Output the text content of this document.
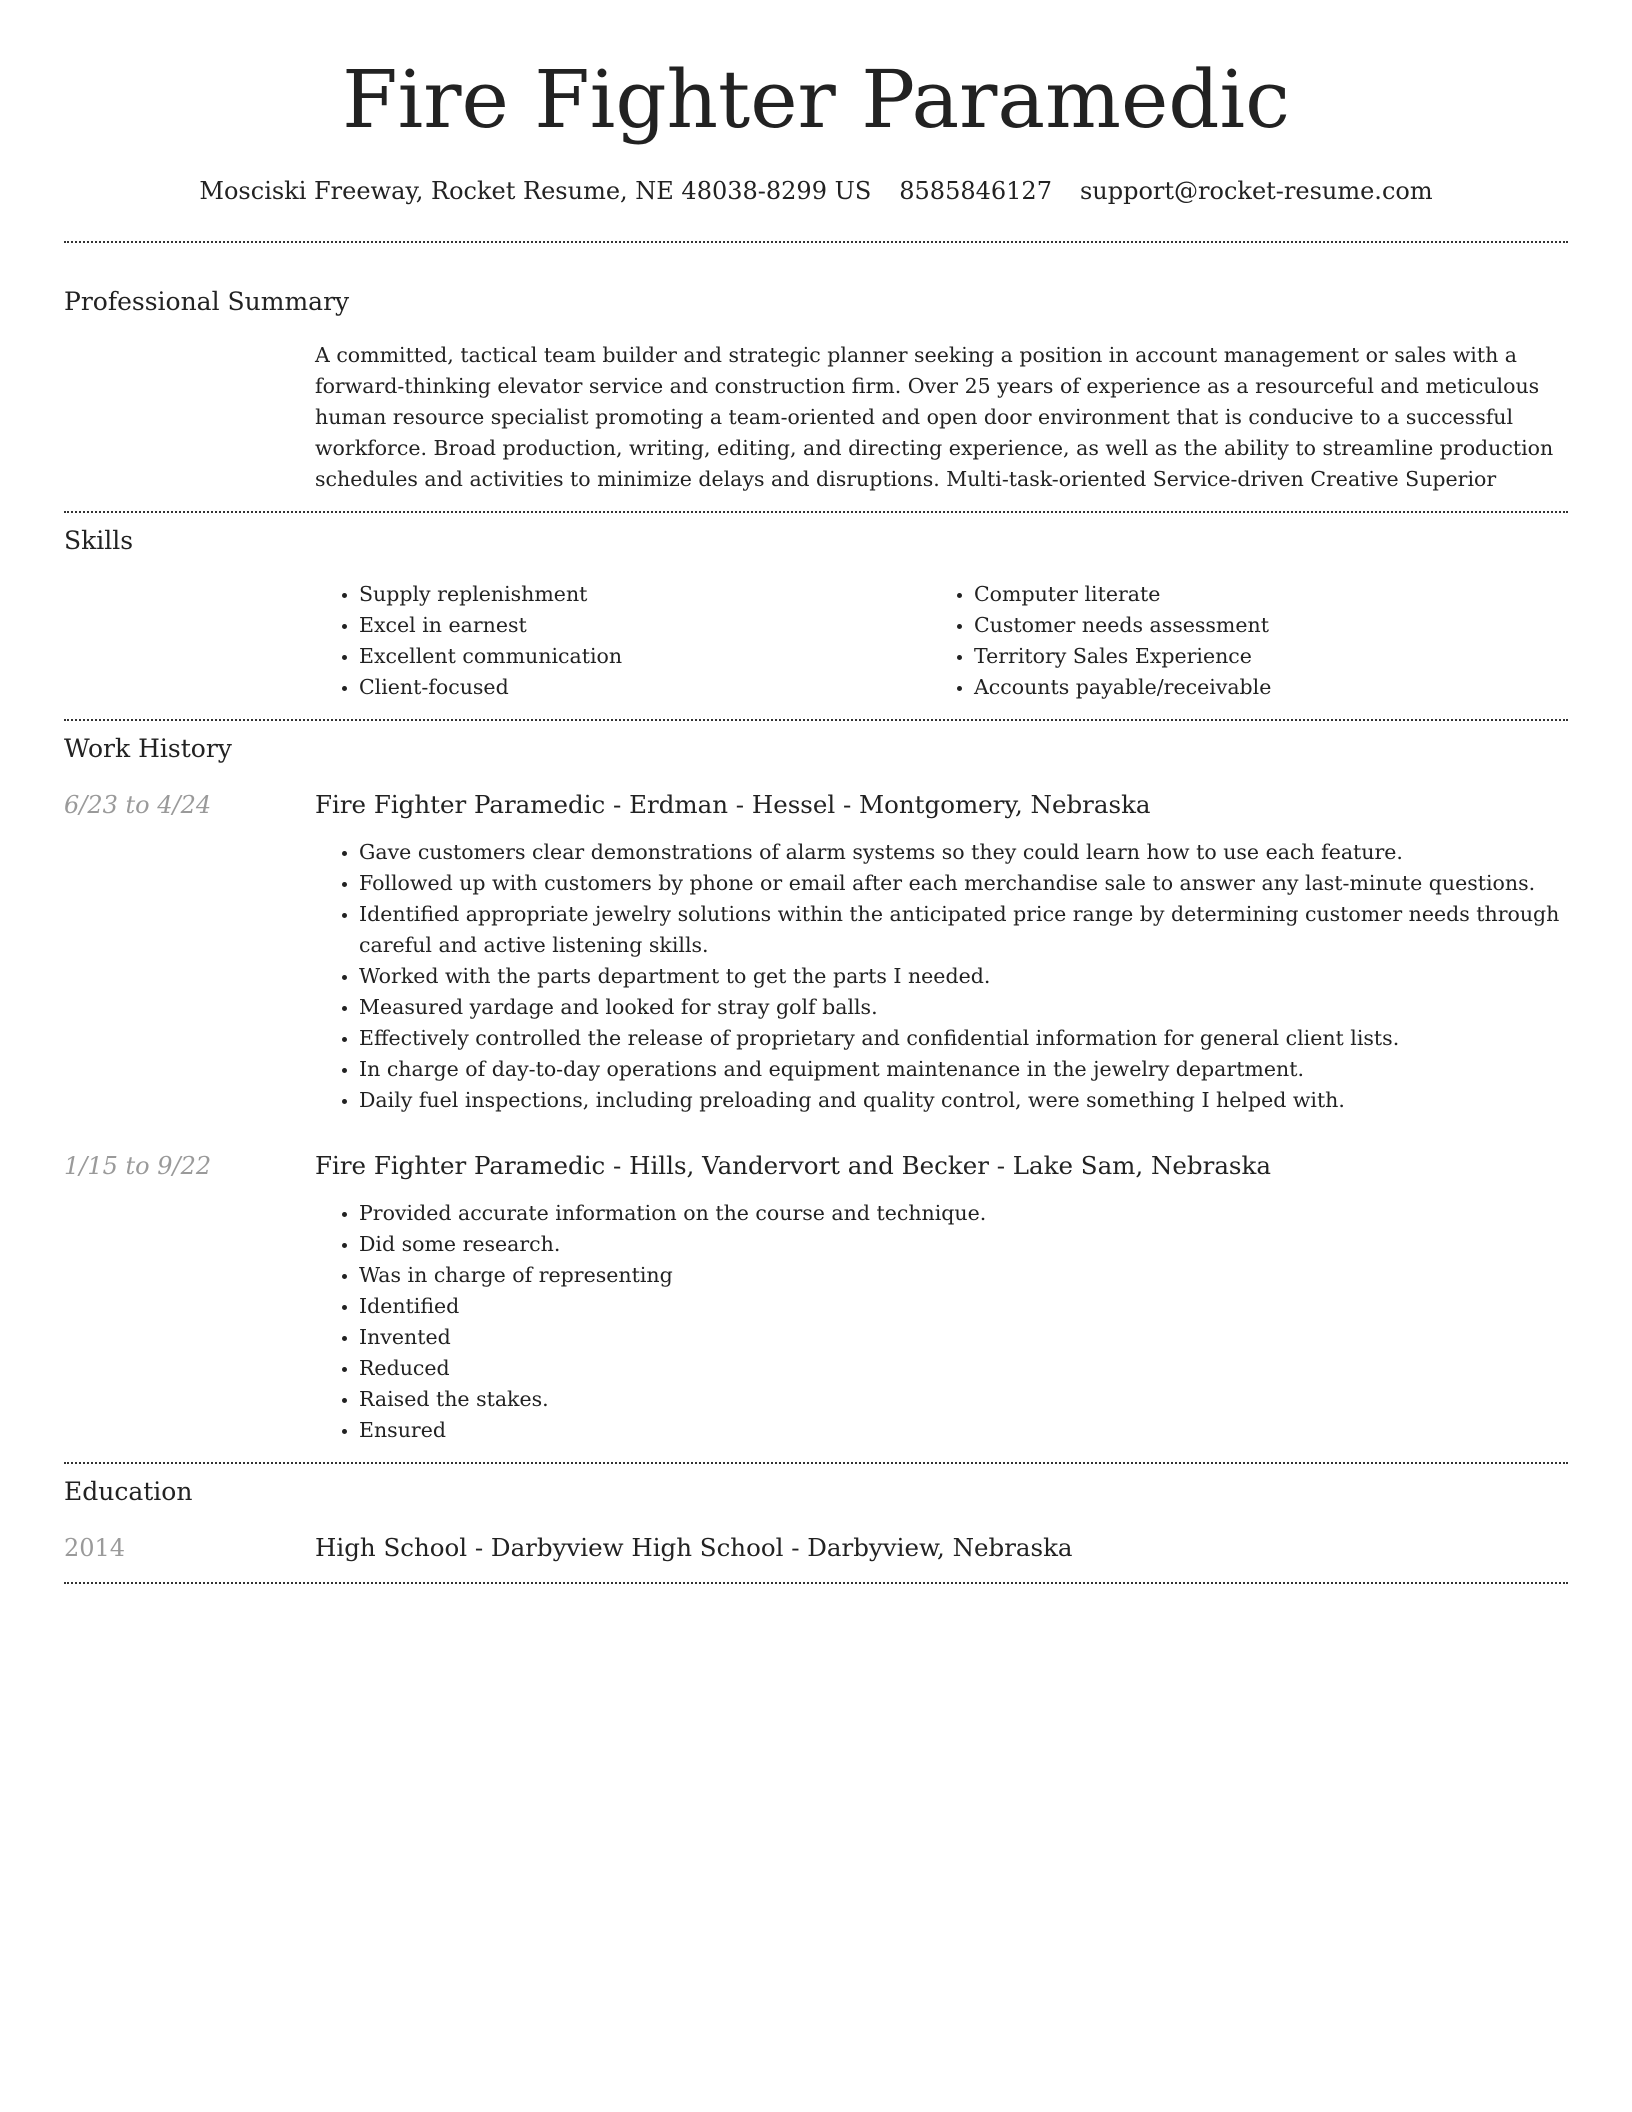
Fire Fighter Paramedic
Mosciski Freeway, Rocket Resume, NE 48038-8299 US 8585846127 support@rocket-resume.com
Professional Summary

A committed, tactical team builder and strategic planner seeking a position in account management or sales with a forward-thinking elevator service and construction firm. Over 25 years of experience as a resourceful and meticulous human resource specialist promoting a team-oriented and open door environment that is conducive to a successful workforce. Broad production, writing, editing, and directing experience, as well as the ability to streamline production schedules and activities to minimize delays and disruptions. Multi-task-oriented Service-driven Creative Superior

Skills
• Supply replenishment
• Excel in earnest
• Excellent communication
• Client-focused
• Computer literate
• Customer needs assessment
• Territory Sales Experience
• Accounts payable/receivable
Work History
6/23 to 4/24	Fire Fighter Paramedic - Erdman - Hessel - Montgomery, Nebraska
• Gave customers clear demonstrations of alarm systems so they could learn how to use each feature.
• Followed up with customers by phone or email after each merchandise sale to answer any last-minute questions.
• Identified appropriate jewelry solutions within the anticipated price range by determining customer needs through careful and active listening skills.
• Worked with the parts department to get the parts I needed.
• Measured yardage and looked for stray golf balls.
• Effectively controlled the release of proprietary and confidential information for general client lists.
• In charge of day-to-day operations and equipment maintenance in the jewelry department.
• Daily fuel inspections, including preloading and quality control, were something I helped with.
1/15 to 9/22	Fire Fighter Paramedic - Hills, Vandervort and Becker - Lake Sam, Nebraska
• Provided accurate information on the course and technique.
• Did some research.
• Was in charge of representing
• Identified
• Invented
• Reduced
• Raised the stakes.
• Ensured
Education
2014	High School - Darbyview High School - Darbyview, Nebraska
